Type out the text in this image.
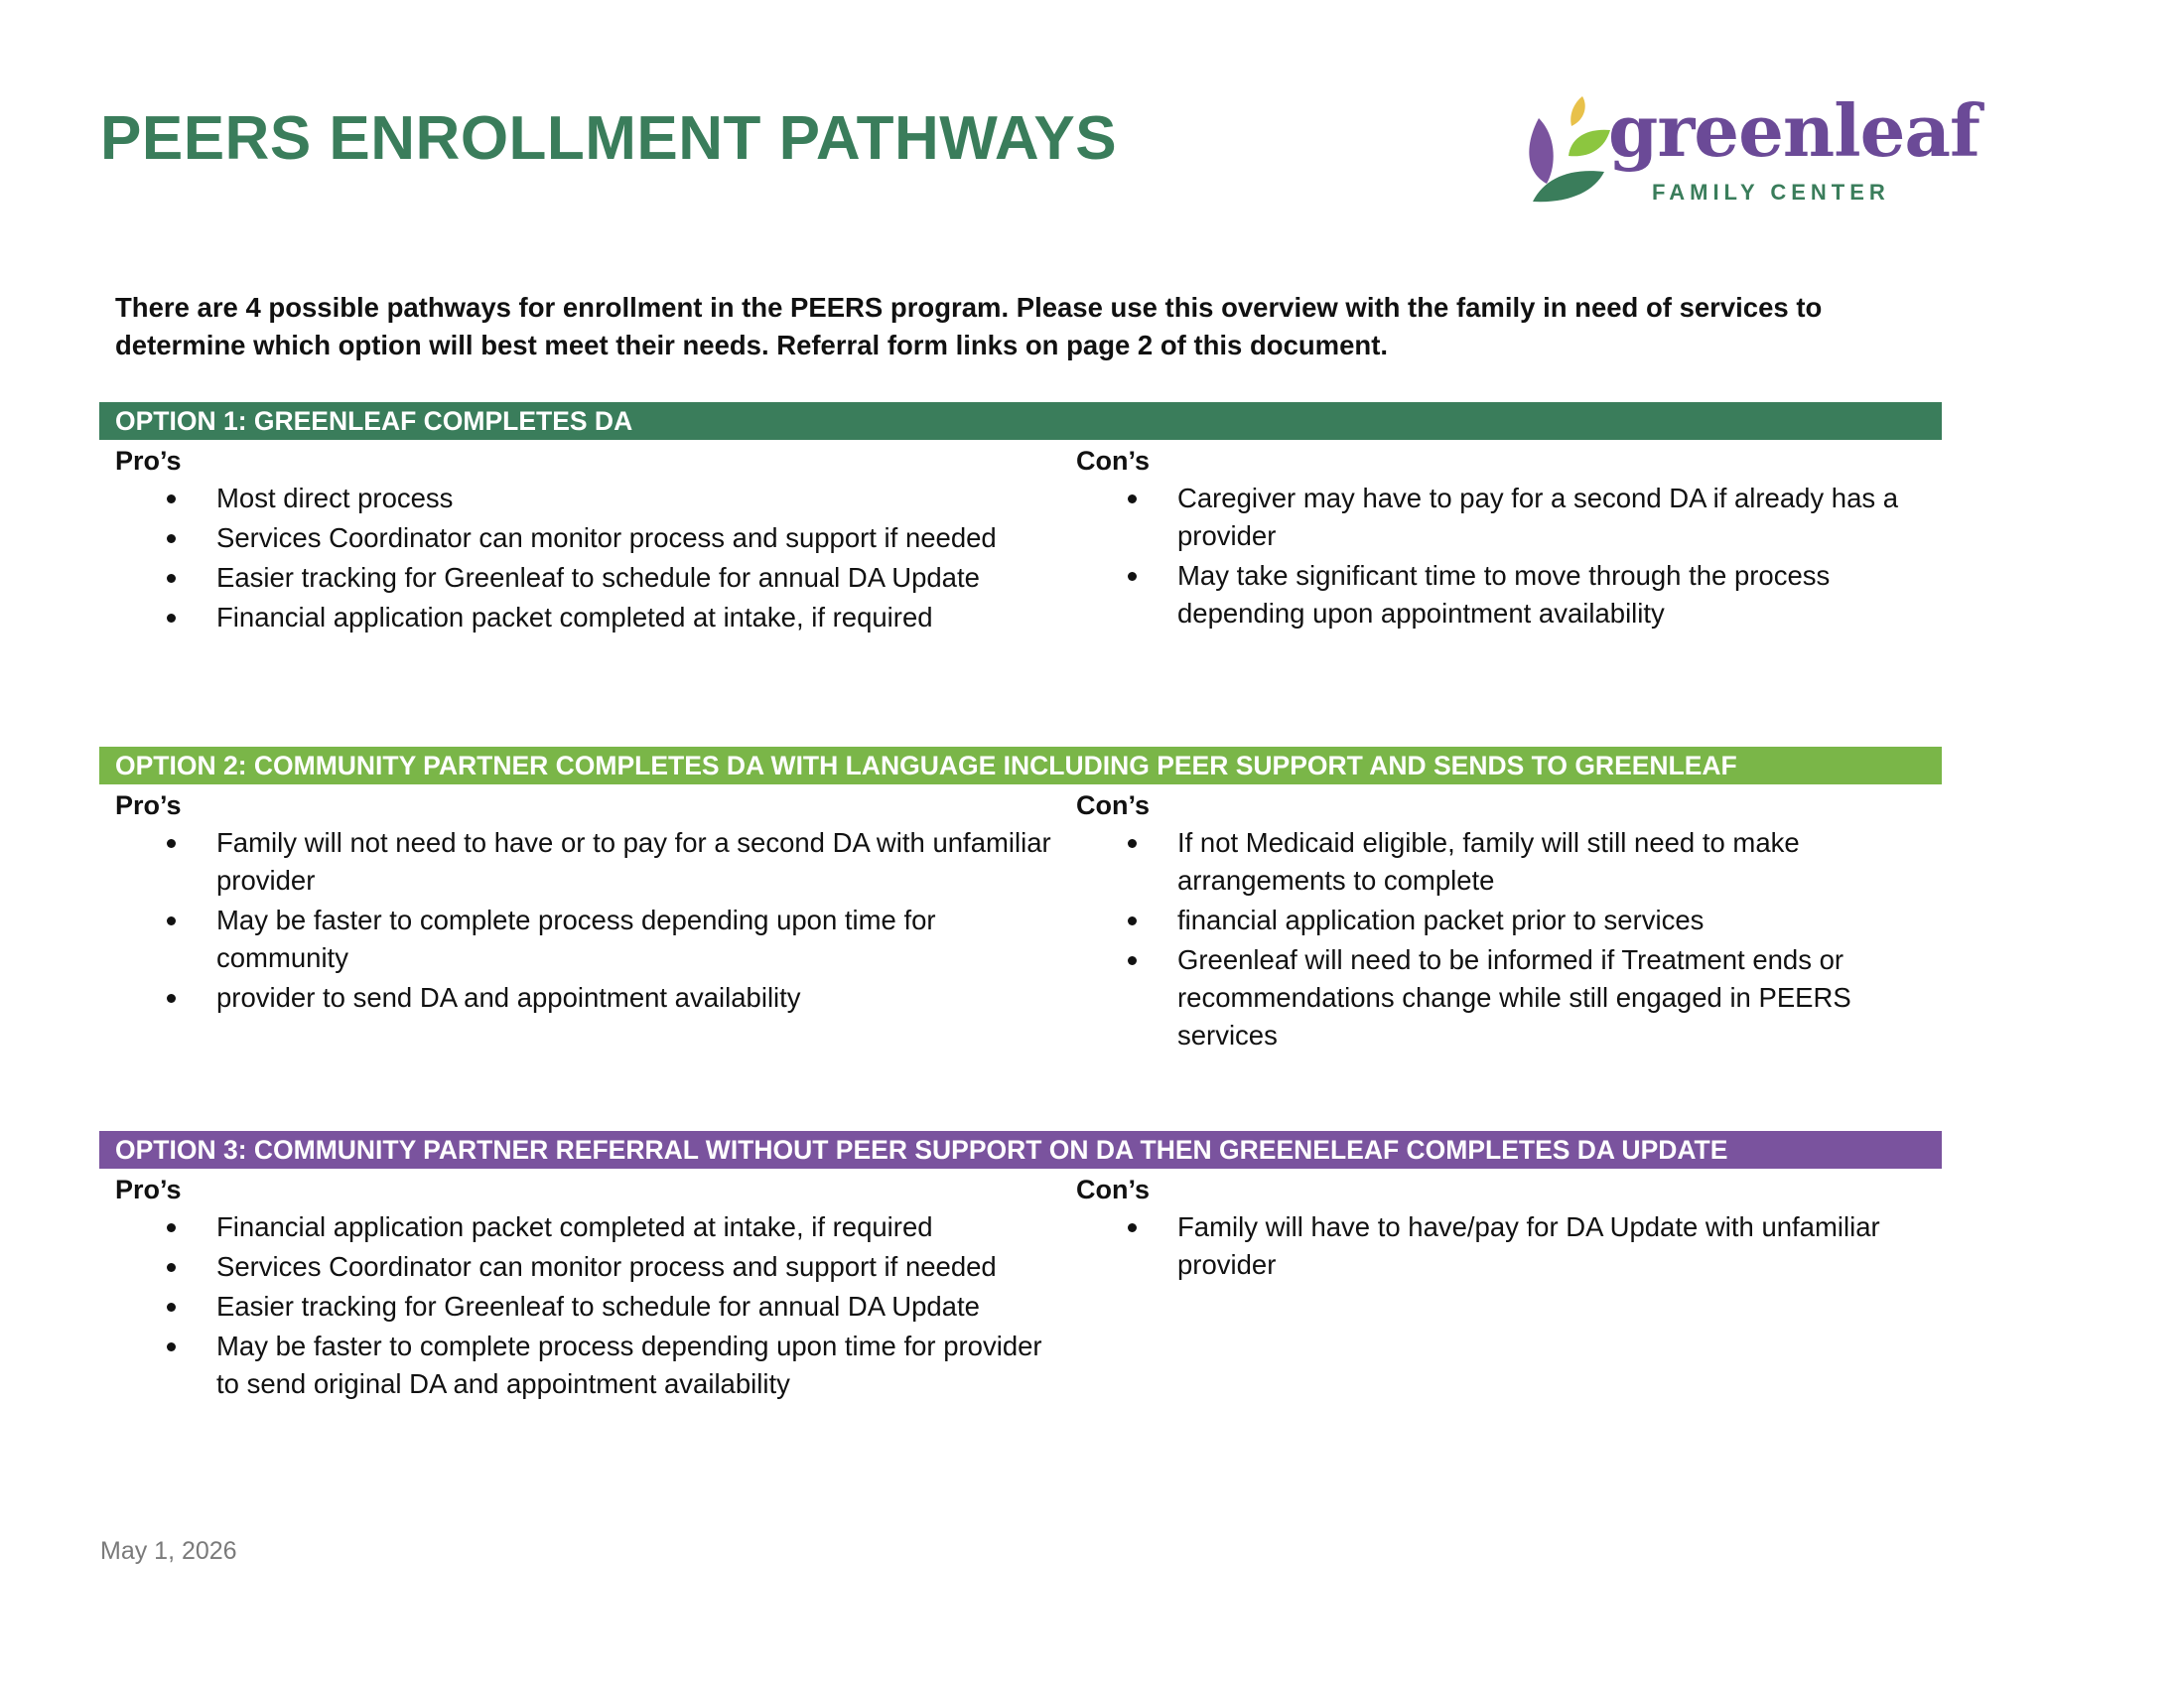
PEERS ENROLLMENT PATHWAYS	greenleaf
FAMILY CENTER

There are 4 possible pathways for enrollment in the PEERS program. Please use this overview with the family in need of services to determine which option will best meet their needs. Referral form links on page 2 of this document.

OPTION 1: GREENLEAF COMPLETES DA
Pro’s
Most direct process
Services Coordinator can monitor process and support if needed
Easier tracking for Greenleaf to schedule for annual DA Update
Financial application packet completed at intake, if required
Con’s
Caregiver may have to pay for a second DA if already has a provider
May take significant time to move through the process depending upon appointment availability
OPTION 2: COMMUNITY PARTNER COMPLETES DA WITH LANGUAGE INCLUDING PEER SUPPORT AND SENDS TO GREENLEAF
Pro’s
Family will not need to have or to pay for a second DA with unfamiliar provider
May be faster to complete process depending upon time for community
provider to send DA and appointment availability
Con’s
If not Medicaid eligible, family will still need to make arrangements to complete
financial application packet prior to services
Greenleaf will need to be informed if Treatment ends or recommendations change while still engaged in PEERS services
OPTION 3: COMMUNITY PARTNER REFERRAL WITHOUT PEER SUPPORT ON DA THEN GREENELEAF COMPLETES DA UPDATE
Pro’s
Financial application packet completed at intake, if required
Services Coordinator can monitor process and support if needed
Easier tracking for Greenleaf to schedule for annual DA Update
May be faster to complete process depending upon time for provider to send original DA and appointment availability
Con’s
Family will have to have/pay for DA Update with unfamiliar provider
May 1, 2026
